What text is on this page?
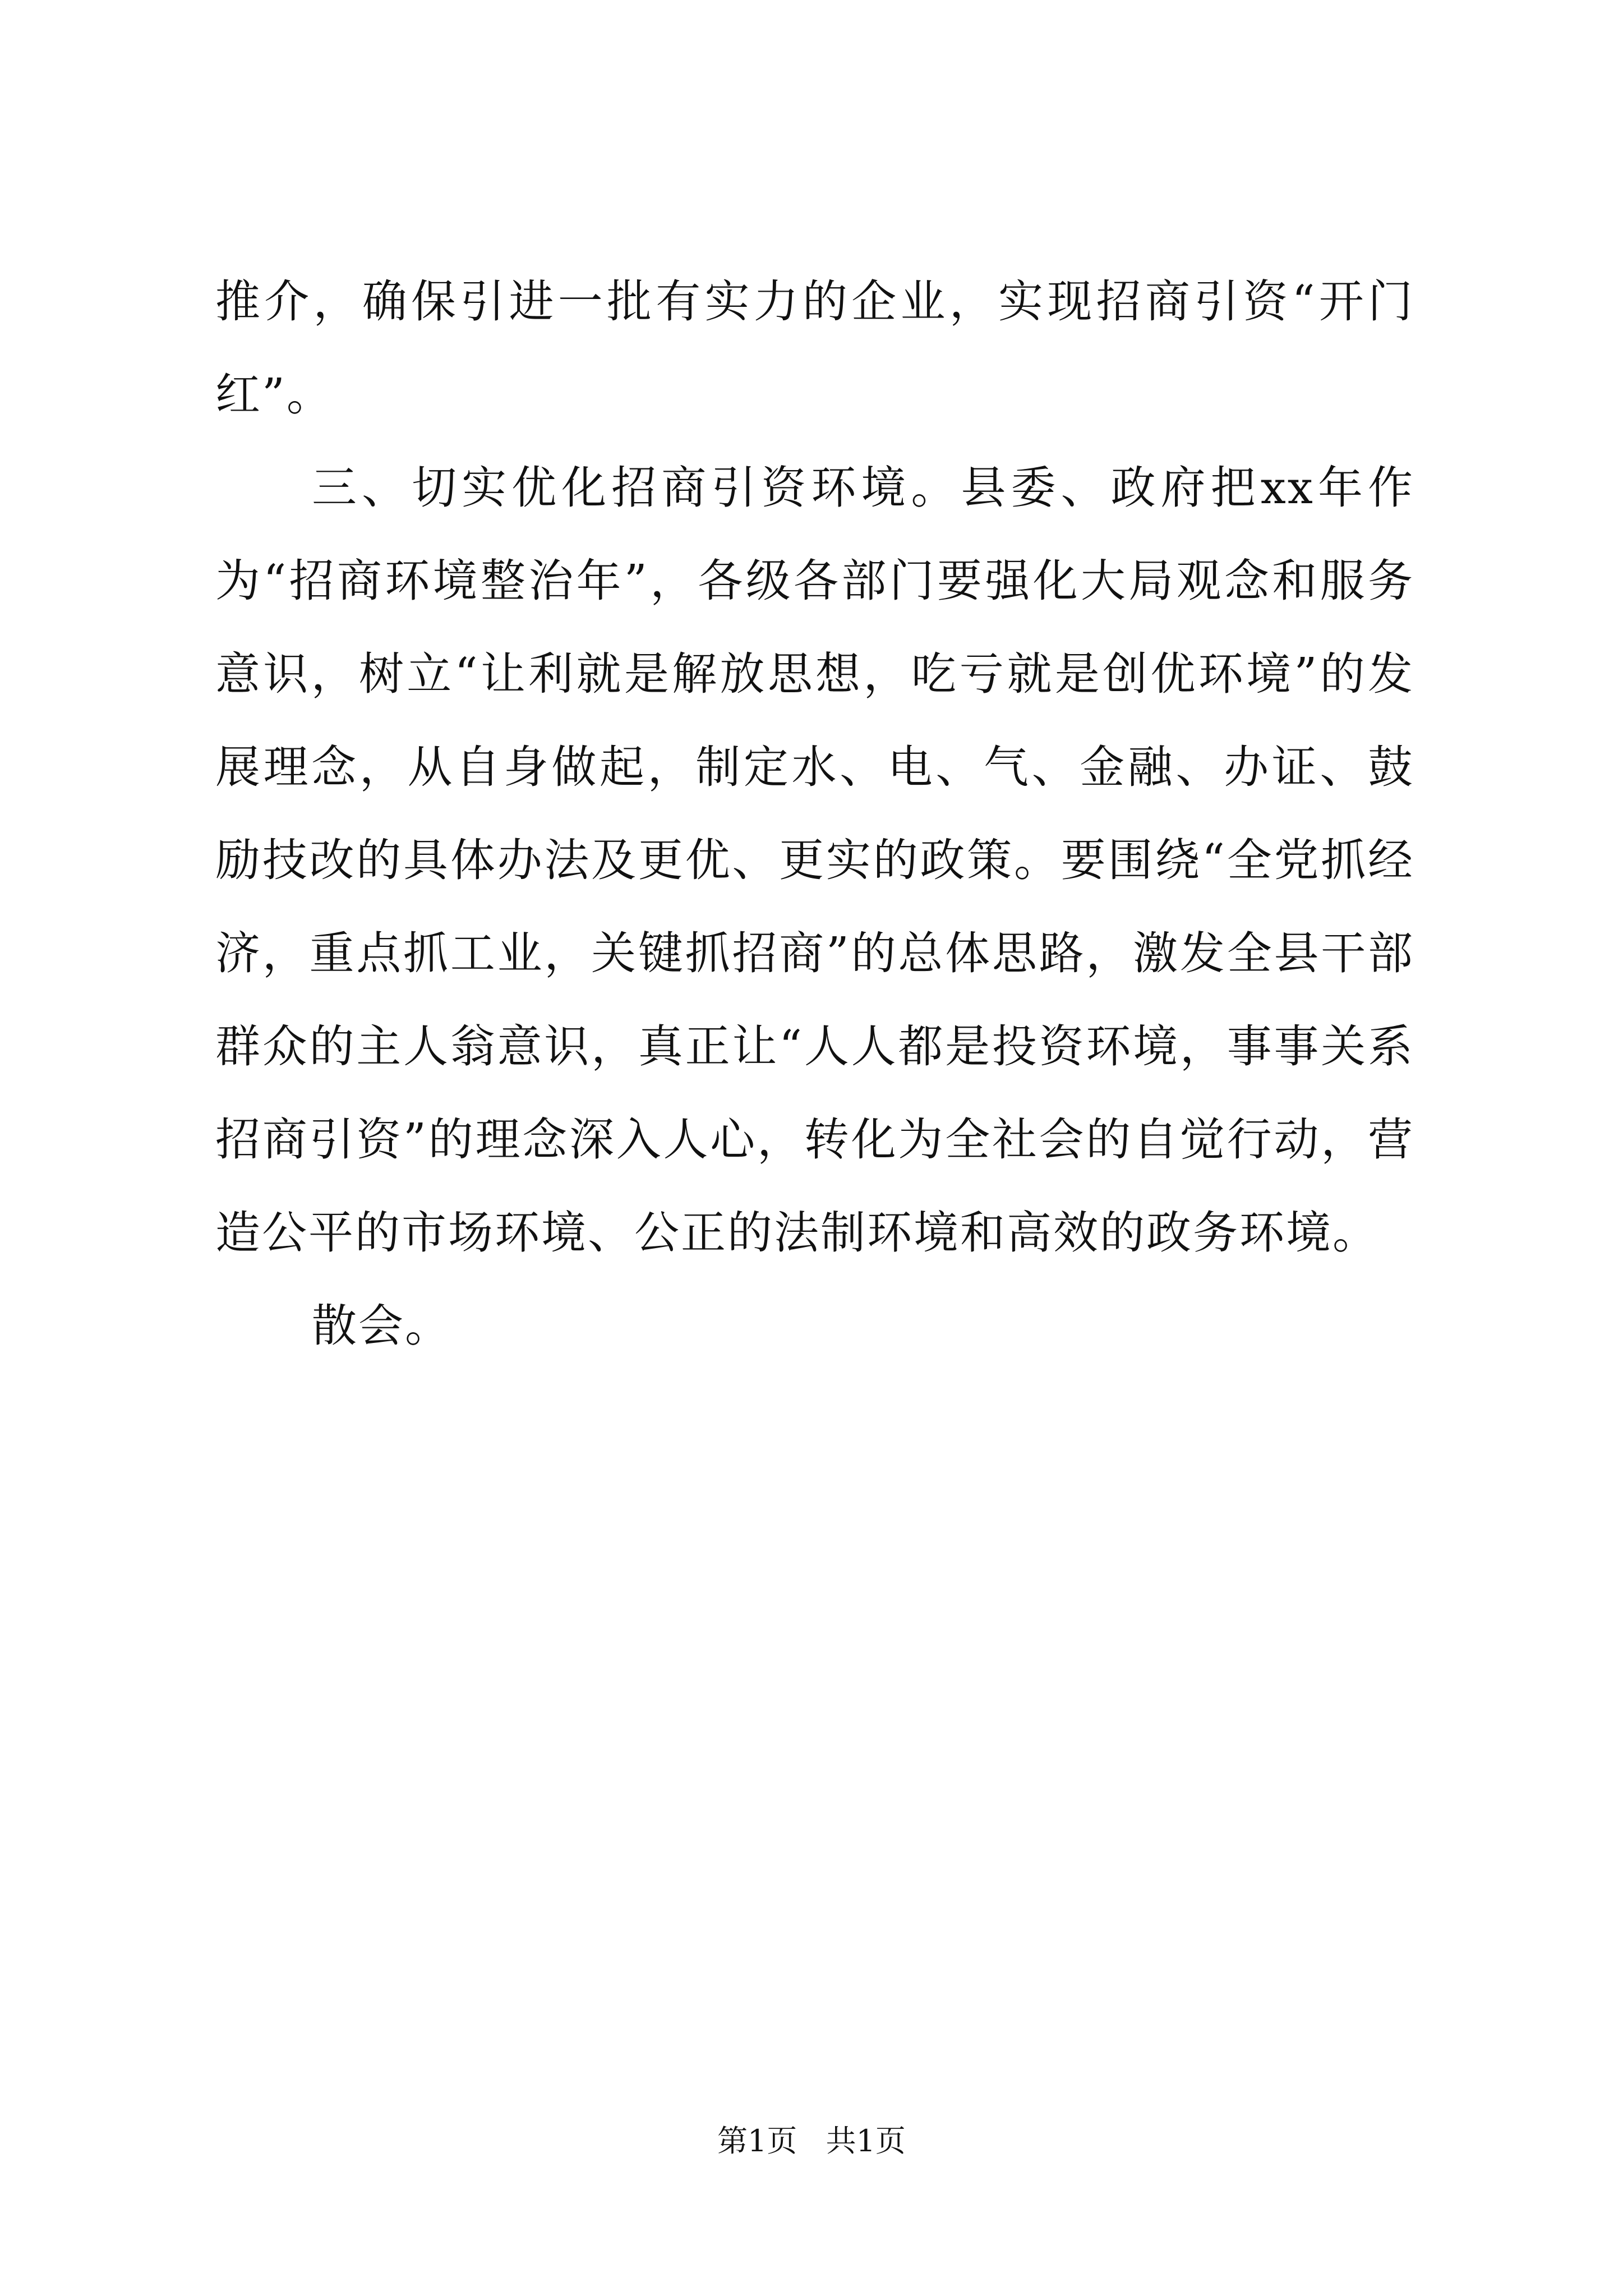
推介，确保引进一批有实力的企业，实现招商引资“开门红”。

三、切实优化招商引资环境。县委、政府把xx年作为“招商环境整治年”，各级各部门要强化大局观念和服务意识，树立“让利就是解放思想，吃亏就是创优环境”的发展理念，从自身做起，制定水、电、气、金融、办证、鼓励技改的具体办法及更优、更实的政策。要围绕“全党抓经济，重点抓工业，关键抓招商”的总体思路，激发全县干部群众的主人翁意识，真正让“人人都是投资环境，事事关系招商引资”的理念深入人心，转化为全社会的自觉行动，营造公平的市场环境、公正的法制环境和高效的政务环境。

散会。

第1页 共1页
